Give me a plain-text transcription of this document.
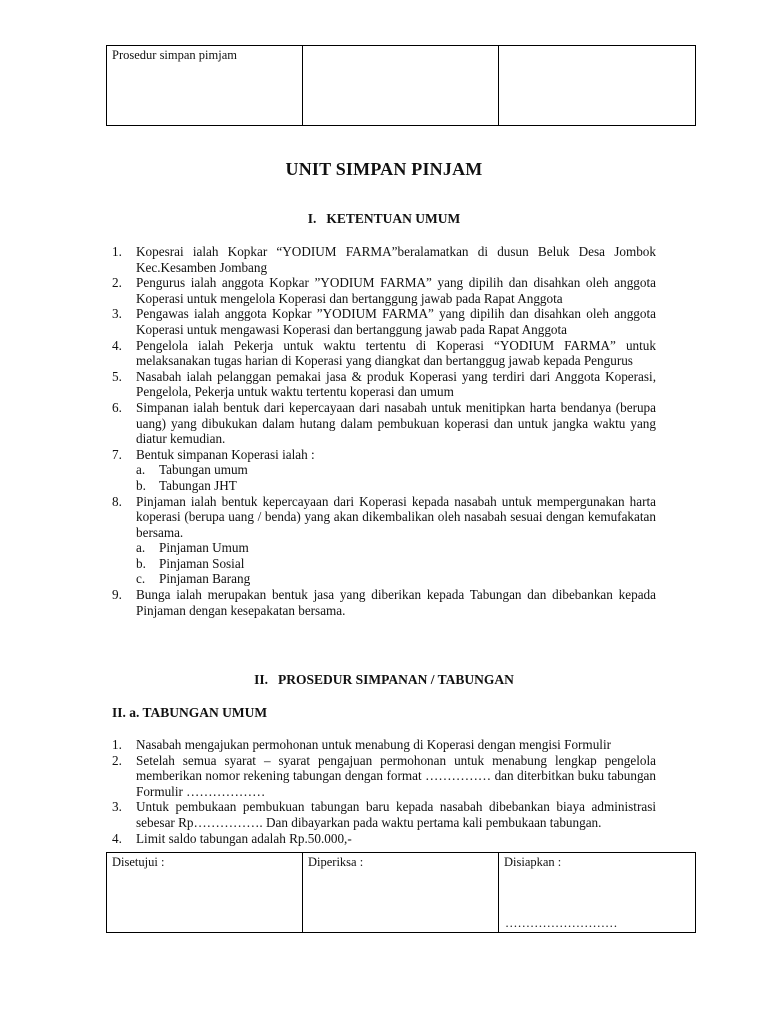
Prosedur simpan pimjam		
UNIT SIMPAN PINJAM
I. KETENTUAN UMUM
1.	Kopesrai ialah Kopkar “YODIUM FARMA”beralamatkan di dusun Beluk Desa Jombok Kec.Kesamben Jombang
2.	Pengurus ialah anggota Kopkar ”YODIUM FARMA” yang dipilih dan disahkan oleh anggota Koperasi untuk mengelola Koperasi dan bertanggung jawab pada Rapat Anggota
3.	Pengawas ialah anggota Kopkar ”YODIUM FARMA” yang dipilih dan disahkan oleh anggota Koperasi untuk mengawasi Koperasi dan bertanggung jawab pada Rapat Anggota
4.	Pengelola ialah Pekerja untuk waktu tertentu di Koperasi “YODIUM FARMA” untuk melaksanakan tugas harian di Koperasi yang diangkat dan bertanggug jawab kepada Pengurus
5.	Nasabah ialah pelanggan pemakai jasa & produk Koperasi yang terdiri dari Anggota Koperasi, Pengelola, Pekerja untuk waktu tertentu koperasi dan umum
6.	Simpanan ialah bentuk dari kepercayaan dari nasabah untuk menitipkan harta bendanya (berupa uang) yang dibukukan dalam hutang dalam pembukuan koperasi dan untuk jangka waktu yang diatur kemudian.
7.	Bentuk simpanan Koperasi ialah :
a.	Tabungan umum
b. Tabungan JHT
8.	Pinjaman ialah bentuk kepercayaan dari Koperasi kepada nasabah untuk mempergunakan harta koperasi (berupa uang / benda) yang akan dikembalikan oleh nasabah sesuai dengan kemufakatan bersama.
a.	Pinjaman Umum
b. Pinjaman Sosial
c.	Pinjaman Barang
9.	Bunga ialah merupakan bentuk jasa yang diberikan kepada Tabungan dan dibebankan kepada Pinjaman dengan kesepakatan bersama.
II. PROSEDUR SIMPANAN / TABUNGAN
II. a. TABUNGAN UMUM
1.	Nasabah mengajukan permohonan untuk menabung di Koperasi dengan mengisi Formulir
2.	Setelah semua syarat – syarat pengajuan permohonan untuk menabung lengkap pengelola memberikan nomor rekening tabungan dengan format …………… dan diterbitkan buku tabungan Formulir ………………
3.	Untuk pembukaan pembukuan tabungan baru kepada nasabah dibebankan biaya administrasi sebesar Rp……………. Dan dibayarkan pada waktu pertama kali pembukaan tabungan.
4.	Limit saldo tabungan adalah Rp.50.000,-
Disetujui :	Diperiksa :	Disiapkan :
………………………
